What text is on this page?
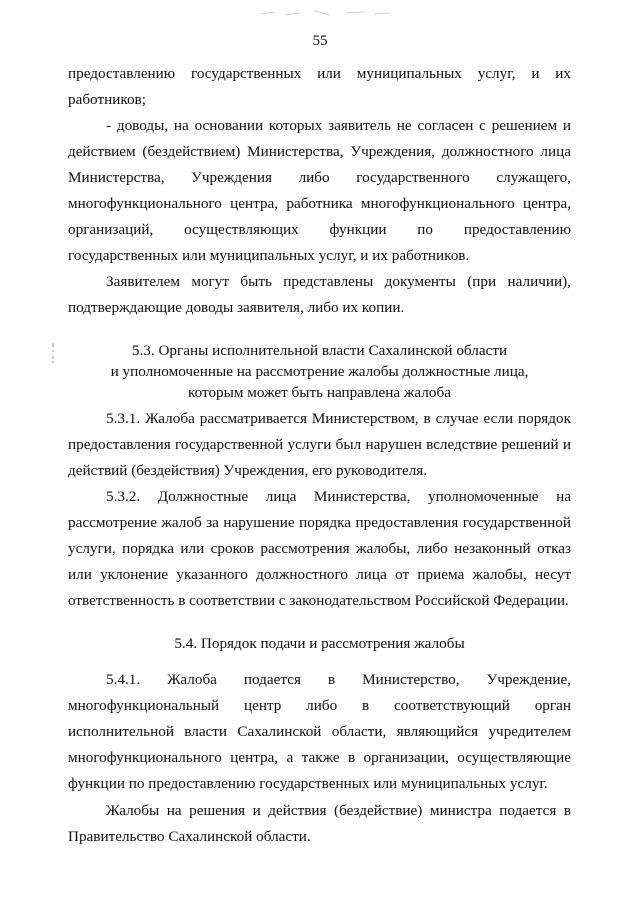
55

предоставлению государственных или муниципальных услуг, и их работников;

- доводы, на основании которых заявитель не согласен с решением и действием (бездействием) Министерства, Учреждения, должностного лица Министерства, Учреждения либо государственного служащего, многофункционального центра, работника многофункционального центра, организаций, осуществляющих функции по предоставлению государственных или муниципальных услуг, и их работников.

Заявителем могут быть представлены документы (при наличии), подтверждающие доводы заявителя, либо их копии.

5.3. Органы исполнительной власти Сахалинской области
и уполномоченные на рассмотрение жалобы должностные лица,
которым может быть направлена жалоба

5.3.1. Жалоба рассматривается Министерством, в случае если порядок предоставления государственной услуги был нарушен вследствие решений и действий (бездействия) Учреждения, его руководителя.

5.3.2. Должностные лица Министерства, уполномоченные на рассмотрение жалоб за нарушение порядка предоставления государственной услуги, порядка или сроков рассмотрения жалобы, либо незаконный отказ или уклонение указанного должностного лица от приема жалобы, несут ответственность в соответствии с законодательством Российской Федерации.

5.4. Порядок подачи и рассмотрения жалобы

5.4.1. Жалоба подается в Министерство, Учреждение, многофункциональный центр либо в соответствующий орган исполнительной власти Сахалинской области, являющийся учредителем многофункционального центра, а также в организации, осуществляющие функции по предоставлению государственных или муниципальных услуг.

Жалобы на решения и действия (бездействие) министра подается в Правительство Сахалинской области.
